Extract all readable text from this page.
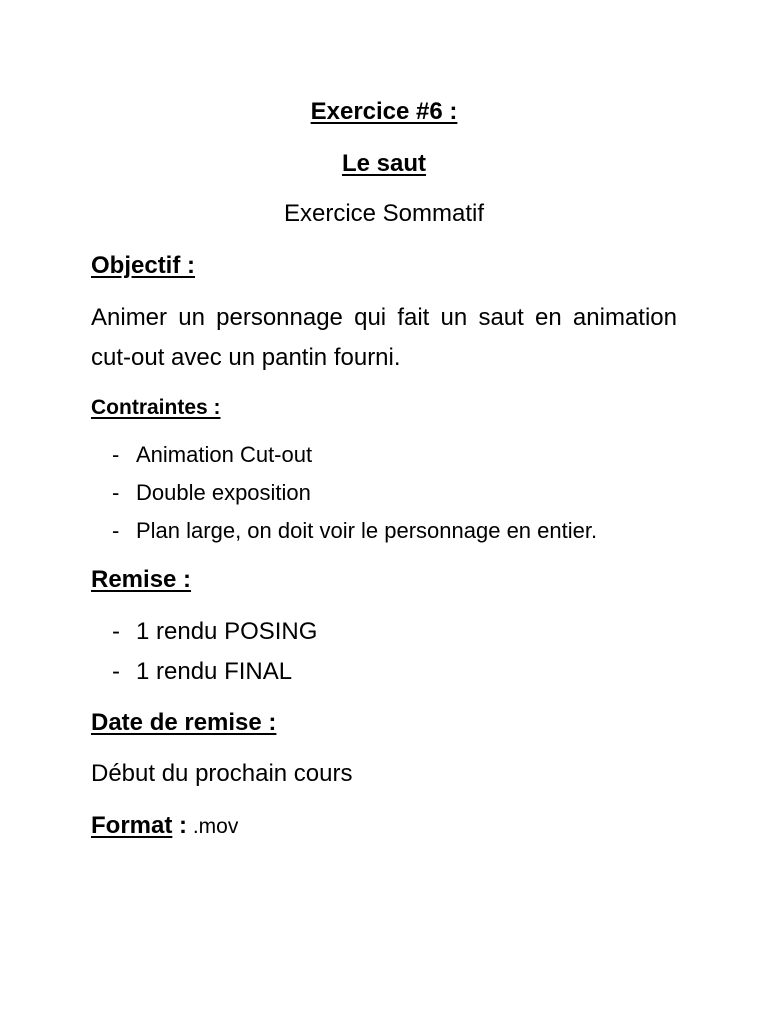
Exercice #6 :
Le saut
Exercice Sommatif
Objectif :

Animer un personnage qui fait un saut en animation cut-out avec un pantin fourni.

Contraintes :
- Animation Cut-out
- Double exposition
- Plan large, on doit voir le personnage en entier.
Remise :
- 1 rendu POSING
- 1 rendu FINAL
Date de remise :
Début du prochain cours
Format : .mov
